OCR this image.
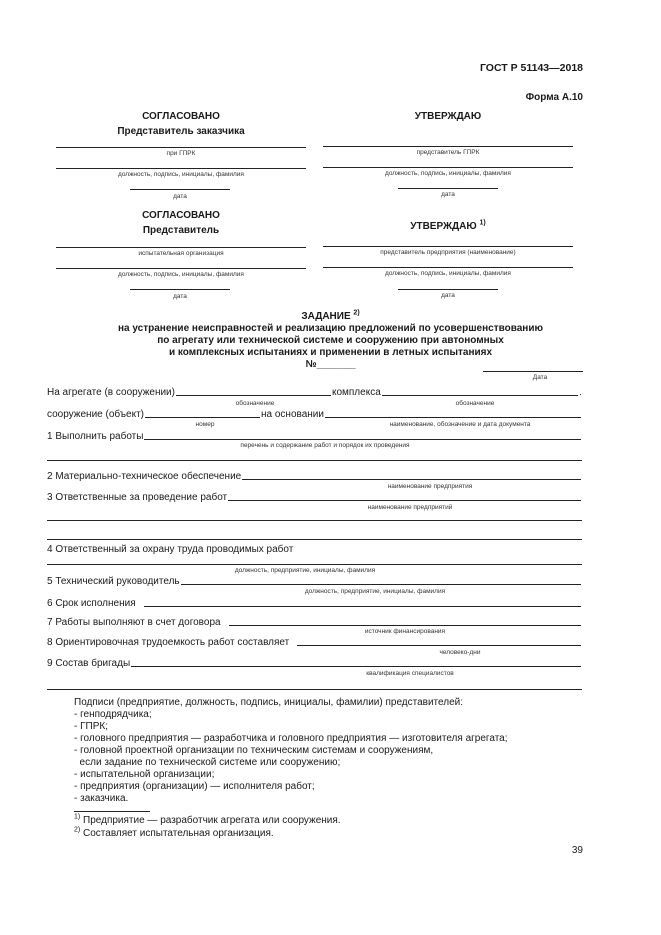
ГОСТ Р 51143—2018
Форма А.10
СОГЛАСОВАНО
Представитель заказчика
при ГПРК
должность, подпись, инициалы, фамилия
дата
УТВЕРЖДАЮ
представитель ГПРК
должность, подпись, инициалы, фамилия
дата
СОГЛАСОВАНО
Представитель
испытательная организация
должность, подпись, инициалы, фамилия
дата
УТВЕРЖДАЮ $^{1)}$
представитель предприятия (наименование)
должность, подпись, инициалы, фамилия
дата
ЗАДАНИЕ $^{2)}$
на устранение неисправностей и реализацию предложений по усовершенствованию
по агрегату или технической системе и сооружению при автономных
и комплексных испытаниях и применении в летных испытаниях
№_______
Дата
На агрегате (в сооружении)	комплекса	.
обозначение	обозначение
сооружение (объект)	на основании
номер	наименование, обозначение и дата документа
1 Выполнить работы
перечень и содержание работ и порядок их проведения
2 Материально-техническое обеспечение
наименование предприятия
3 Ответственные за проведение работ
наименование предприятий
4 Ответственный за охрану труда проводимых работ
должность, предприятие, инициалы, фамилия
5 Технический руководитель
должность, предприятие, инициалы, фамилия
6 Срок исполнения
7 Работы выполняют в счет договора
источник финансирования
8 Ориентировочная трудоемкость работ составляет
человеко-дни
9 Состав бригады
квалификация специалистов
Подписи (предприятие, должность, подпись, инициалы, фамилии) представителей:
- генподрядчика;
- ГПРК;
- головного предприятия — разработчика и головного предприятия — изготовителя агрегата;
- головной проектной организации по техническим системам и сооружениям,
если задание по технической системе или сооружению;
- испытательной организации;
- предприятия (организации) — исполнителя работ;
- заказчика.
$^{1)}$ Предприятие — разработчик агрегата или сооружения.
$^{2)}$ Составляет испытательная организация.
39
